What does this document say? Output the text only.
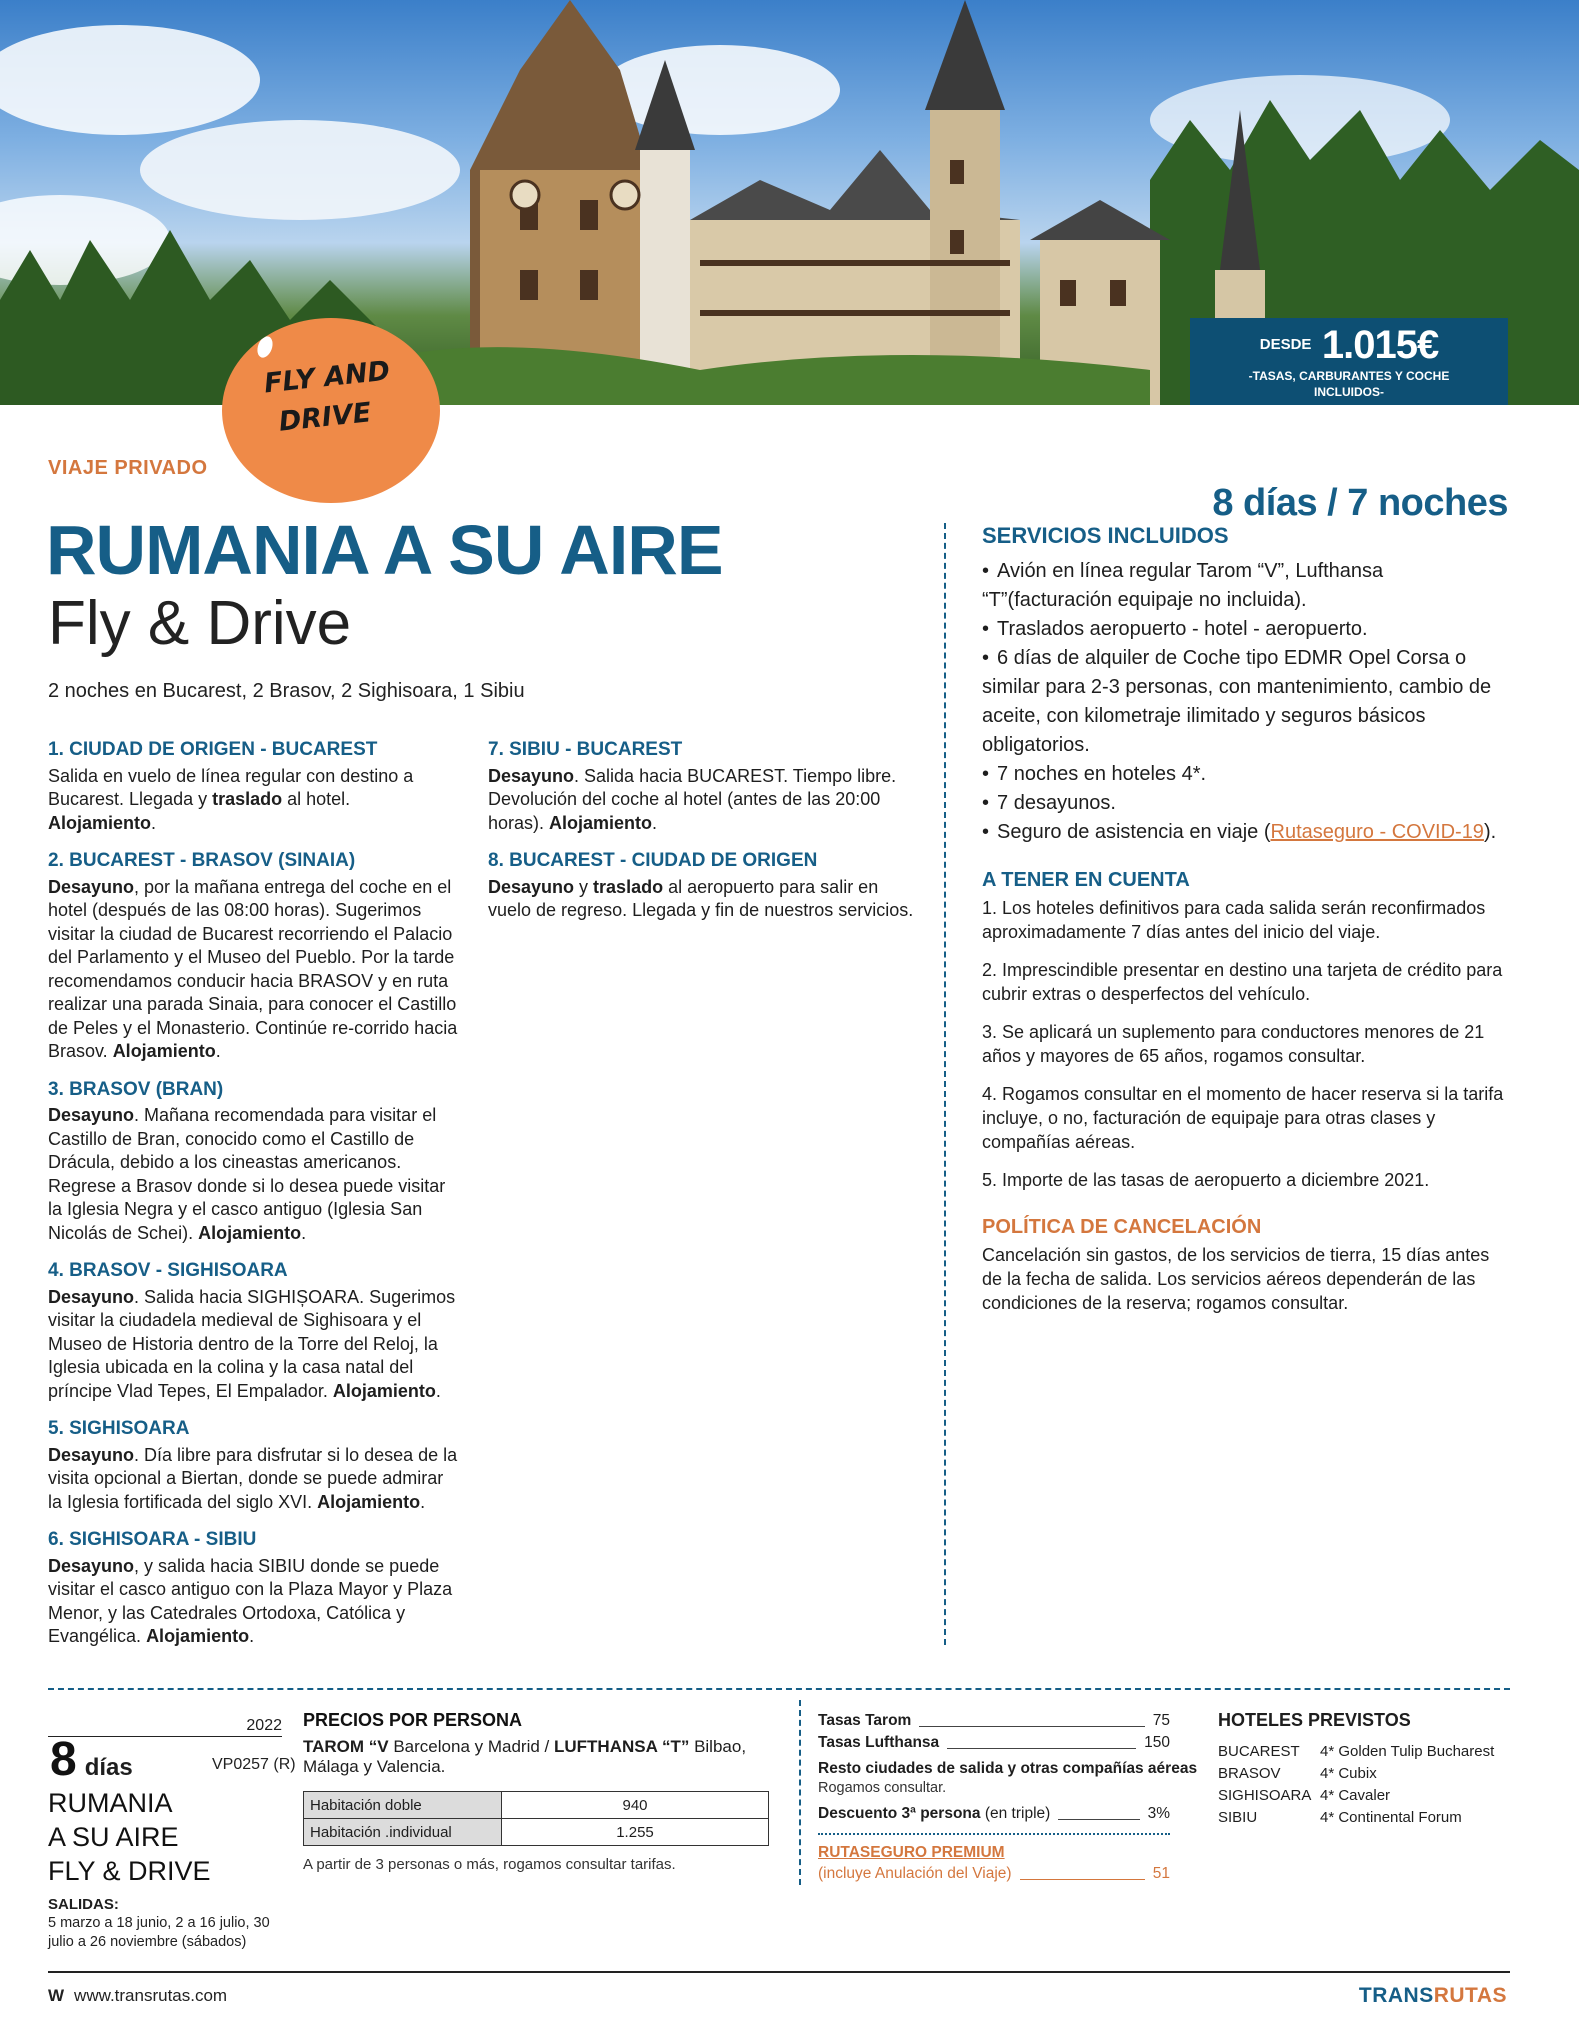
DESDE 1.015€
-TASAS, CARBURANTES Y COCHE INCLUIDOS-
FLY AND
DRIVE
VIAJE PRIVADO
RUMANIA A SU AIRE
Fly & Drive
2 noches en Bucarest, 2 Brasov, 2 Sighisoara, 1 Sibiu
8 días / 7 noches
1. CIUDAD DE ORIGEN - BUCAREST

Salida en vuelo de línea regular con destino a Bucarest. Llegada y traslado al hotel. Alojamiento.

2. BUCAREST - BRASOV (SINAIA)

Desayuno, por la mañana entrega del coche en el hotel (después de las 08:00 horas). Sugerimos visitar la ciudad de Bucarest recorriendo el Palacio del Parlamento y el Museo del Pueblo. Por la tarde recomendamos conducir hacia BRASOV y en ruta realizar una parada Sinaia, para conocer el Castillo de Peles y el Monasterio. Continúe re-corrido hacia Brasov. Alojamiento.

3. BRASOV (BRAN)

Desayuno. Mañana recomendada para visitar el Castillo de Bran, conocido como el Castillo de Drácula, debido a los cineastas americanos. Regrese a Brasov donde si lo desea puede visitar la Iglesia Negra y el casco antiguo (Iglesia San Nicolás de Schei). Alojamiento.

4. BRASOV - SIGHISOARA

Desayuno. Salida hacia SIGHIȘOARA. Sugerimos visitar la ciudadela medieval de Sighisoara y el Museo de Historia dentro de la Torre del Reloj, la Iglesia ubicada en la colina y la casa natal del príncipe Vlad Tepes, El Empalador. Alojamiento.

5. SIGHISOARA

Desayuno. Día libre para disfrutar si lo desea de la visita opcional a Biertan, donde se puede admirar la Iglesia fortificada del siglo XVI. Alojamiento.

6. SIGHISOARA - SIBIU

Desayuno, y salida hacia SIBIU donde se puede visitar el casco antiguo con la Plaza Mayor y Plaza Menor, y las Catedrales Ortodoxa, Católica y Evangélica. Alojamiento.

7. SIBIU - BUCAREST

Desayuno. Salida hacia BUCAREST. Tiempo libre. Devolución del coche al hotel (antes de las 20:00 horas). Alojamiento.

8. BUCAREST - CIUDAD DE ORIGEN

Desayuno y traslado al aeropuerto para salir en vuelo de regreso. Llegada y fin de nuestros servicios.

SERVICIOS INCLUIDOS
• Avión en línea regular Tarom “V”, Lufthansa “T”(facturación equipaje no incluida).
• Traslados aeropuerto - hotel - aeropuerto.
• 6 días de alquiler de Coche tipo EDMR Opel Corsa o similar para 2-3 personas, con mantenimiento, cambio de aceite, con kilometraje ilimitado y seguros básicos obligatorios.
• 7 noches en hoteles 4*.
• 7 desayunos.
• Seguro de asistencia en viaje (Rutaseguro - COVID-19).
A TENER EN CUENTA

1. Los hoteles definitivos para cada salida serán reconfirmados aproximadamente 7 días antes del inicio del viaje.

2. Imprescindible presentar en destino una tarjeta de crédito para cubrir extras o desperfectos del vehículo.

3. Se aplicará un suplemento para conductores menores de 21 años y mayores de 65 años, rogamos consultar.

4. Rogamos consultar en el momento de hacer reserva si la tarifa incluye, o no, facturación de equipaje para otras clases y compañías aéreas.

5. Importe de las tasas de aeropuerto a diciembre 2021.

POLÍTICA DE CANCELACIÓN

Cancelación sin gastos, de los servicios de tierra, 15 días antes de la fecha de salida. Los servicios aéreos dependerán de las condiciones de la reserva; rogamos consultar.

2022
8 días	VP0257 (R)
RUMANIA
A SU AIRE
FLY & DRIVE
SALIDAS:
5 marzo a 18 junio, 2 a 16 julio, 30 julio a 26 noviembre (sábados)
PRECIOS POR PERSONA

TAROM “V Barcelona y Madrid / LUFTHANSA “T” Bilbao, Málaga y Valencia.

Habitación doble	940
Habitación .individual	1.255

A partir de 3 personas o más, rogamos consultar tarifas.

Tasas Tarom	75
Tasas Lufthansa	150
Resto ciudades de salida y otras compañías aéreas
Rogamos consultar.
Descuento 3ª persona (en triple)	3%
RUTASEGURO PREMIUM
(incluye Anulación del Viaje)	51
HOTELES PREVISTOS
BUCAREST	4* Golden Tulip Bucharest
BRASOV	4* Cubix
SIGHISOARA 4* Cavaler
SIBIU	4* Continental Forum
W www.transrutas.com	TRANSRUTAS
